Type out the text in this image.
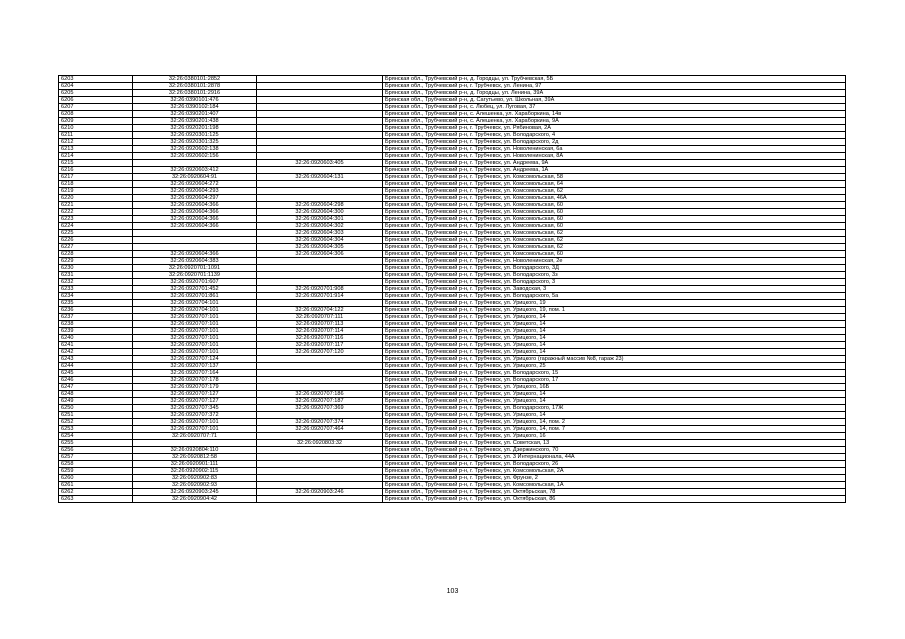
6203	32:26:0380101:2852		Брянская обл., Трубчевский р-н, д. Городцы, ул. Трубчевская, 5Б
6204	32:26:0380101:2878		Брянская обл., Трубчевский р-н, г. Трубчевск, ул. Ленина, 97
6205	32:26:0380101:2916		Брянская обл., Трубчевский р-н, д. Городцы, ул. Ленина, 39А
6206	32:26:0390101:476		Брянская обл., Трубчевский р-н, д. Сагутьево, ул. Школьная, 39А
6207	32:26:0390102:184		Брянская обл., Трубчевский р-н, с. Любец, ул. Луговая, 37
6208	32:26:0390201:407		Брянская обл., Трубчевский р-н, с. Алешенка, ул. Хараборкина, 14в
6209	32:26:0390201:438		Брянская обл., Трубчевский р-н, с. Алешенка, ул. Хараборкина, 9А
6210	32:26:0920201:198		Брянская обл., Трубчевский р-н, г. Трубчевск, ул. Рябиновая, 2А
6211	32:26:0920301:125		Брянская обл., Трубчевский р-н, г. Трубчевск, ул. Володарского, 4
6212	32:26:0920301:325		Брянская обл., Трубчевский р-н, г. Трубчевск, ул. Володарского, 2д
6213	32:26:0920602:138		Брянская обл., Трубчевский р-н, г. Трубчевск, ул. Новоленинская, 6а
6214	32:26:0920602:156		Брянская обл., Трубчевский р-н, г. Трубчевск, ул. Новоленинская, 8А
6215		32:26:0920603:405	Брянская обл., Трубчевский р-н, г. Трубчевск, ул. Андреева, 9А
6216	32:26:0920603:412		Брянская обл., Трубчевский р-н, г. Трубчевск, ул. Андреева, 1А
6217	32:26:0920604:91	32:26:0920604:131	Брянская обл., Трубчевский р-н, г. Трубчевск, ул. Комсомольская, 58
6218	32:26:0920604:272		Брянская обл., Трубчевский р-н, г. Трубчевск, ул. Комсомольская, 64
6219	32:26:0920604:293		Брянская обл., Трубчевский р-н, г. Трубчевск, ул. Комсомольская, 62
6220	32:26:0920604:297		Брянская обл., Трубчевский р-н, г. Трубчевск, ул. Комсомольская, 46А
6221	32:26:0920604:366	32:26:0920604:298	Брянская обл., Трубчевский р-н, г. Трубчевск, ул. Комсомольская, 60
6222	32:26:0920604:366	32:26:0920604:300	Брянская обл., Трубчевский р-н, г. Трубчевск, ул. Комсомольская, 60
6223	32:26:0920604:366	32:26:0920604:301	Брянская обл., Трубчевский р-н, г. Трубчевск, ул. Комсомольская, 60
6224	32:26:0920604:366	32:26:0920604:302	Брянская обл., Трубчевский р-н, г. Трубчевск, ул. Комсомольская, 60
6225		32:26:0920604:303	Брянская обл., Трубчевский р-н, г. Трубчевск, ул. Комсомольская, 62
6226		32:26:0920604:304	Брянская обл., Трубчевский р-н, г. Трубчевск, ул. Комсомольская, 62
6227		32:26:0920604:305	Брянская обл., Трубчевский р-н, г. Трубчевск, ул. Комсомольская, 62
6228	32:26:0920604:366	32:26:0920604:306	Брянская обл., Трубчевский р-н, г. Трубчевск, ул. Комсомольская, 60
6229	32:26:0920604:383		Брянская обл., Трубчевский р-н, г. Трубчевск, ул. Новоленинская, 2е
6230	32:26:0920701:1091		Брянская обл., Трубчевский р-н, г. Трубчевск, ул. Володарского, 3Д
6231	32:26:0920701:1139		Брянская обл., Трубчевский р-н, г. Трубчевск, ул. Володарского, 3з
6232	32:26:0920701:607		Брянская обл., Трубчевский р-н, г. Трубчевск, ул. Володарского, 3
6233	32:26:0920701:452	32:26:0920701:908	Брянская обл., Трубчевский р-н, г. Трубчевск, ул. Заводская, 3
6234	32:26:0920701:861	32:26:0920701:914	Брянская обл., Трубчевский р-н, г. Трубчевск, ул. Володарского, 5а
6235	32:26:0920704:101		Брянская обл., Трубчевский р-н, г. Трубчевск, ул. Урицкого, 19
6236	32:26:0920704:101	32:26:0920704:122	Брянская обл., Трубчевский р-н, г. Трубчевск, ул. Урицкого, 19, пом. 1
6237	32:26:0920707:101	32:26:0920707:111	Брянская обл., Трубчевский р-н, г. Трубчевск, ул. Урицкого, 14
6238	32:26:0920707:101	32:26:0920707:113	Брянская обл., Трубчевский р-н, г. Трубчевск, ул. Урицкого, 14
6239	32:26:0920707:101	32:26:0920707:114	Брянская обл., Трубчевский р-н, г. Трубчевск, ул. Урицкого, 14
6240	32:26:0920707:101	32:26:0920707:116	Брянская обл., Трубчевский р-н, г. Трубчевск, ул. Урицкого, 14
6241	32:26:0920707:101	32:26:0920707:117	Брянская обл., Трубчевский р-н, г. Трубчевск, ул. Урицкого, 14
6242	32:26:0920707:101	32:26:0920707:120	Брянская обл., Трубчевский р-н, г. Трубчевск, ул. Урицкого, 14
6243	32:26:0920707:124		Брянская обл., Трубчевский р-н, г. Трубчевск, ул. Урицкого (гаражный массив №8, гараж 23)
6244	32:26:0920707:137		Брянская обл., Трубчевский р-н, г. Трубчевск, ул. Урицкого, 25
6245	32:26:0920707:164		Брянская обл., Трубчевский р-н, г. Трубчевск, ул. Володарского, 15
6246	32:26:0920707:178		Брянская обл., Трубчевский р-н, г. Трубчевск, ул. Володарского, 17
6247	32:26:0920707:179		Брянская обл., Трубчевский р-н, г. Трубчевск, ул. Урицкого, 16Б
6248	32:26:0920707:127	32:26:0920707:186	Брянская обл., Трубчевский р-н, г. Трубчевск, ул. Урицкого, 14
6249	32:26:0920707:127	32:26:0920707:187	Брянская обл., Трубчевский р-н, г. Трубчевск, ул. Урицкого, 14
6250	32:26:0920707:345	32:26:0920707:369	Брянская обл., Трубчевский р-н, г. Трубчевск, ул. Володарского, 17Ж
6251	32:26:0920707:372		Брянская обл., Трубчевский р-н, г. Трубчевск, ул. Урицкого, 14
6252	32:26:0920707:101	32:26:0920707:374	Брянская обл., Трубчевский р-н, г. Трубчевск, ул. Урицкого, 14, пом. 2
6253	32:26:0920707:101	32:26:0920707:464	Брянская обл., Трубчевский р-н, г. Трубчевск, ул. Урицкого, 14, пом. 7
6254	32:26:0920707:71		Брянская обл., Трубчевский р-н, г. Трубчевск, ул. Урицкого, 16
6255		32:26:0920803:32	Брянская обл., Трубчевский р-н, г. Трубчевск, ул. Советская, 13
6256	32:26:0920804:110		Брянская обл., Трубчевский р-н, г. Трубчевск, ул. Дзержинского, 70
6257	32:26:0920812:58		Брянская обл., Трубчевский р-н, г. Трубчевск, ул. 3 Интернационала, 44А
6258	32:26:0920901:111		Брянская обл., Трубчевский р-н, г. Трубчевск, ул. Володарского, 26
6259	32:26:0920902:115		Брянская обл., Трубчевский р-н, г. Трубчевск, ул. Комсомольская, 2А
6260	32:26:0920902:83		Брянская обл., Трубчевский р-н, г. Трубчевск, ул. Фрунзе, 2
6261	32:26:0920902:93		Брянская обл., Трубчевский р-н, г. Трубчевск, ул. Комсомольская, 1А
6262	32:26:0920903:245	32:26:0920903:246	Брянская обл., Трубчевский р-н, г. Трубчевск, ул. Октябрьская, 78
6263	32:26:0920904:42		Брянская обл., Трубчевский р-н, г. Трубчевск, ул. Октябрьская, 86
103
